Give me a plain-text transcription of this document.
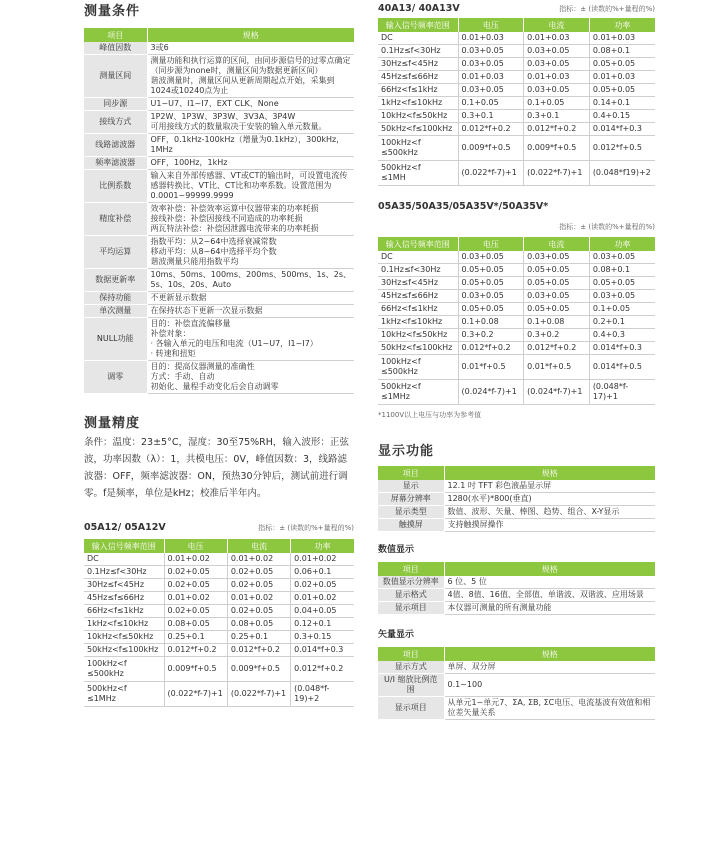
测量条件
项目	规格
峰值因数	3或6
测量区间	测量功能和执行运算的区间，由同步源信号的过零点确定（同步源为none时，测量区间为数据更新区间）
谐波测量时，测量区间从更新周期起点开始，采集到1024或10240点为止
同步源	U1~U7、I1~I7、EXT CLK、None
接线方式	1P2W、1P3W、3P3W、3V3A、3P4W
可用接线方式的数量取决于安装的输入单元数量。
线路滤波器	OFF，0.1kHz-100kHz（增量为0.1kHz），300kHz，1MHz
频率滤波器	OFF，100Hz，1kHz
比例系数	输入来自外部传感器、VT或CT的输出时，可设置电流传感器转换比、VT比、CT比和功率系数。设置范围为0.0001~99999.9999
精度补偿	效率补偿：补偿效率运算中仪器带来的功率耗损
接线补偿：补偿因接线不同造成的功率耗损
两瓦特法补偿：补偿因泄露电流带来的功率耗损
平均运算	指数平均：从2~64中选择衰减常数
移动平均：从8~64中选择平均个数
谐波测量只能用指数平均
数据更新率	10ms、50ms、100ms、200ms、500ms、1s、2s、5s、10s、20s、Auto
保持功能	不更新显示数据
单次测量	在保持状态下更新一次显示数据
NULL功能	目的：补偿直流偏移量
补偿对象：
· 各输入单元的电压和电流（U1~U7，I1~I7）
· 转速和扭矩
调零	目的：提高仪器测量的准确性
方式：手动、自动
初始化、量程手动变化后会自动调零
测量精度
条件：温度：23±5°C，湿度：30至75%RH，输入波形：正弦波，功率因数（λ）：1，共模电压：0V，峰值因数：3，线路滤波器：OFF，频率滤波器：ON，预热30分钟后，测试前进行调零。f是频率，单位是kHz；校准后半年内。
05A12/ 05A12V	指标：± (读数的%+量程的%)
输入信号频率范围	电压	电流	功率
DC	0.01+0.02	0.01+0.02	0.01+0.02
0.1Hz≤f<30Hz	0.02+0.05	0.02+0.05	0.06+0.1
30Hz≤f<45Hz	0.02+0.05	0.02+0.05	0.02+0.05
45Hz≤f≤66Hz	0.01+0.02	0.01+0.02	0.01+0.02
66Hz<f≤1kHz	0.02+0.05	0.02+0.05	0.04+0.05
1kHz<f≤10kHz	0.08+0.05	0.08+0.05	0.12+0.1
10kHz<f≤50kHz	0.25+0.1	0.25+0.1	0.3+0.15
50kHz<f≤100kHz	0.012*f+0.2	0.012*f+0.2	0.014*f+0.3
100kHz<f
≤500kHz	0.009*f+0.5	0.009*f+0.5	0.012*f+0.2
500kHz<f
≤1MHz	(0.022*f-7)+1	(0.022*f-7)+1	(0.048*f-19)+2
40A13/ 40A13V	指标：± (读数的%+量程的%)
输入信号频率范围	电压	电流	功率
DC	0.01+0.03	0.01+0.03	0.01+0.03
0.1Hz≤f<30Hz	0.03+0.05	0.03+0.05	0.08+0.1
30Hz≤f<45Hz	0.03+0.05	0.03+0.05	0.05+0.05
45Hz≤f≤66Hz	0.01+0.03	0.01+0.03	0.01+0.03
66Hz<f≤1kHz	0.03+0.05	0.03+0.05	0.05+0.05
1kHz<f≤10kHz	0.1+0.05	0.1+0.05	0.14+0.1
10kHz<f≤50kHz	0.3+0.1	0.3+0.1	0.4+0.15
50kHz<f≤100kHz	0.012*f+0.2	0.012*f+0.2	0.014*f+0.3
100kHz<f
≤500kHz	0.009*f+0.5	0.009*f+0.5	0.012*f+0.5
500kHz<f
≤1MH	(0.022*f-7)+1	(0.022*f-7)+1	(0.048*f19)+2
05A35/50A35/05A35V*/50A35V*
指标：± (读数的%+量程的%)
输入信号频率范围	电压	电流	功率
DC	0.03+0.05	0.03+0.05	0.03+0.05
0.1Hz≤f<30Hz	0.05+0.05	0.05+0.05	0.08+0.1
30Hz≤f<45Hz	0.05+0.05	0.05+0.05	0.05+0.05
45Hz≤f≤66Hz	0.03+0.05	0.03+0.05	0.03+0.05
66Hz<f≤1kHz	0.05+0.05	0.05+0.05	0.1+0.05
1kHz<f≤10kHz	0.1+0.08	0.1+0.08	0.2+0.1
10kHz<f≤50kHz	0.3+0.2	0.3+0.2	0.4+0.3
50kHz<f≤100kHz	0.012*f+0.2	0.012*f+0.2	0.014*f+0.3
100kHz<f
≤500kHz	0.01*f+0.5	0.01*f+0.5	0.014*f+0.5
500kHz<f
≤1MHz	(0.024*f-7)+1	(0.024*f-7)+1	(0.048*f-17)+1
*1100V以上电压与功率为参考值
显示功能
项目	规格
显示	12.1 吋 TFT 彩色液晶显示屏
屏幕分辨率	1280(水平)*800(垂直)
显示类型	数值、波形、矢量、棒图、趋势、组合、X-Y显示
触摸屏	支持触摸屏操作
数值显示
项目	规格
数值显示分辨率	6 位、5 位
显示格式	4值、8值、16值、全部值、单谐波、双谐波、应用场景
显示项目	本仪器可测量的所有测量功能
矢量显示
项目	规格
显示方式	单屏、双分屏
U/I 缩放比例范围	0.1~100
显示项目	从单元1~单元7、ΣA, ΣB, ΣC电压、电流基波有效值和相位差矢量关系
